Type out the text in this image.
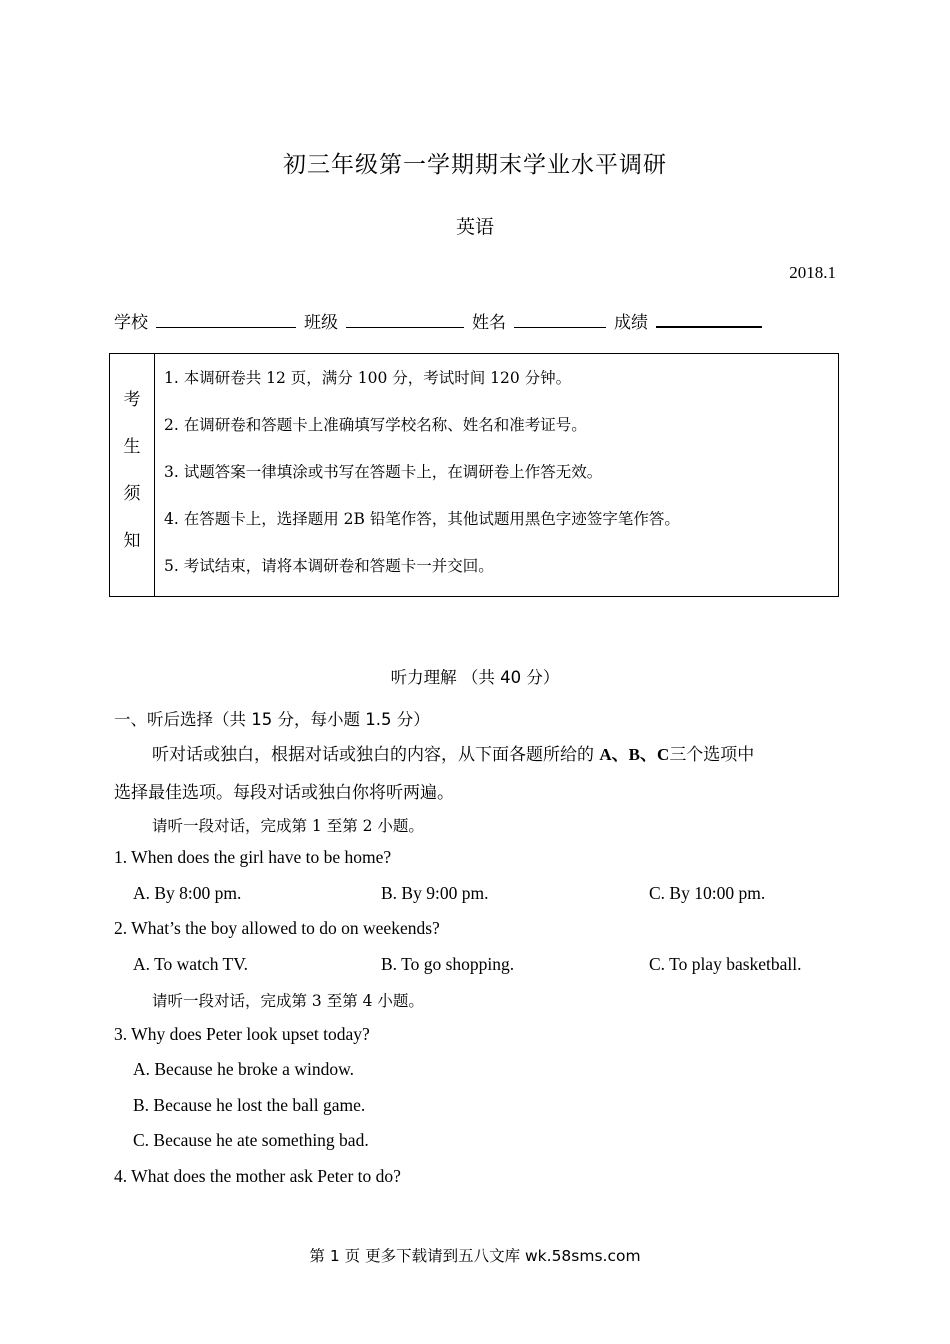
初三年级第一学期期末学业水平调研
英语
2018.1
学校	班级	姓名	成绩
考
生
须
知
1. 本调研卷共 12 页，满分 100 分，考试时间 120 分钟。
2. 在调研卷和答题卡上准确填写学校名称、姓名和准考证号。
3. 试题答案一律填涂或书写在答题卡上，在调研卷上作答无效。
4. 在答题卡上，选择题用 2B 铅笔作答，其他试题用黑色字迹签字笔作答。
5. 考试结束，请将本调研卷和答题卡一并交回。
听力理解 （共 40 分）
一、听后选择（共 15 分，每小题 1.5 分）
听对话或独白，根据对话或独白的内容，从下面各题所给的 A、B、C三个选项中
选择最佳选项。每段对话或独白你将听两遍。
请听一段对话，完成第 1 至第 2 小题。
1. When does the girl have to be home?
A. By 8:00 pm.	B. By 9:00 pm.	C. By 10:00 pm.
2. What’s the boy allowed to do on weekends?
A. To watch TV.	B. To go shopping.	C. To play basketball.
请听一段对话，完成第 3 至第 4 小题。
3. Why does Peter look upset today?
A. Because he broke a window.
B. Because he lost the ball game.
C. Because he ate something bad.
4. What does the mother ask Peter to do?
第 1 页 更多下载请到五八文库 wk.58sms.com
